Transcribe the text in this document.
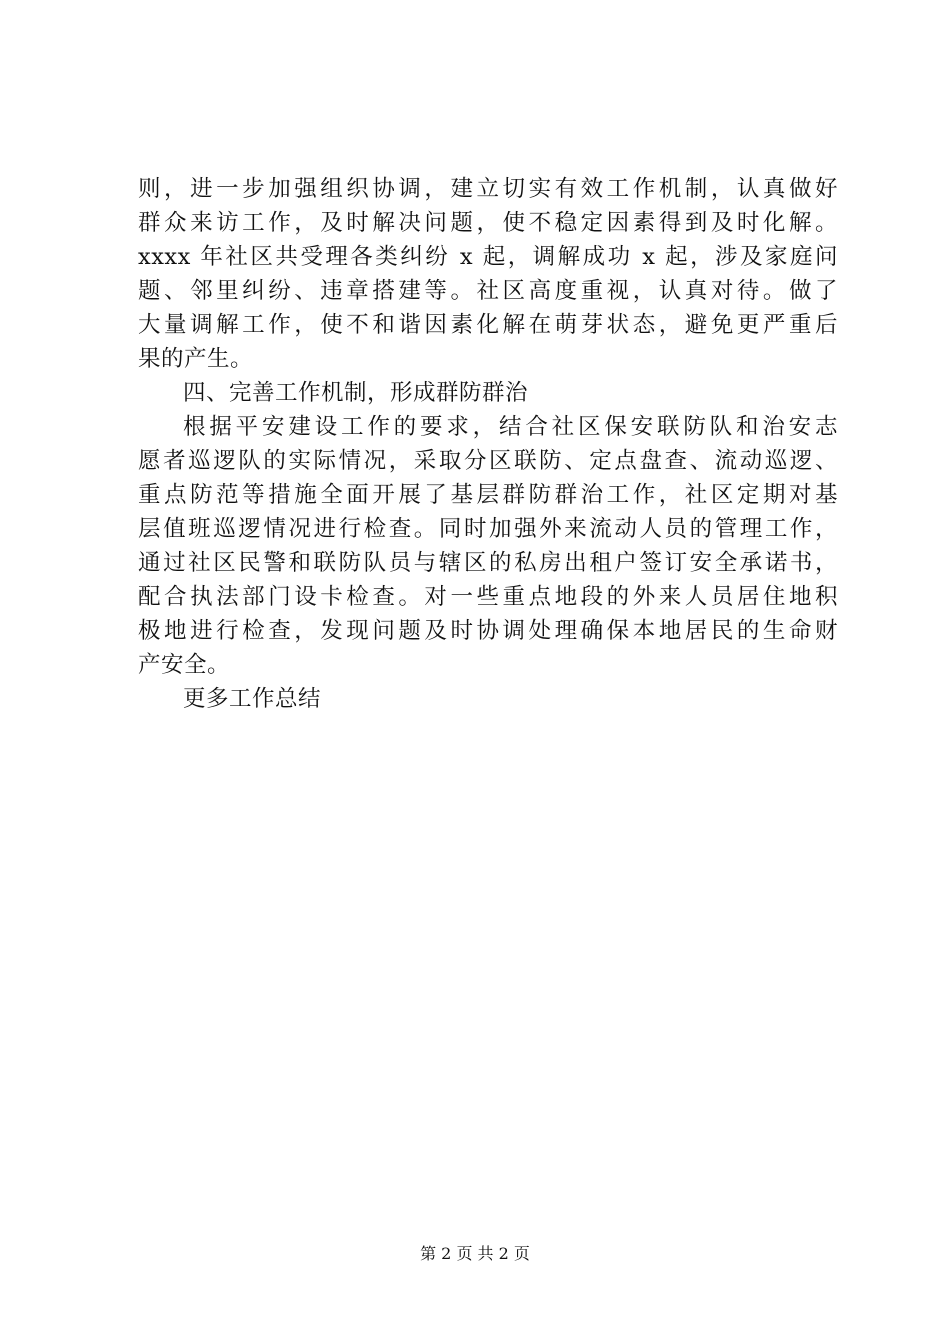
则，进一步加强组织协调，建立切实有效工作机制，认真做好
群众来访工作，及时解决问题，使不稳定因素得到及时化解。
xxxx 年社区共受理各类纠纷 x 起，调解成功 x 起，涉及家庭问
题、邻里纠纷、违章搭建等。社区高度重视，认真对待。做了
大量调解工作，使不和谐因素化解在萌芽状态，避免更严重后
果的产生。
四、完善工作机制，形成群防群治
根据平安建设工作的要求，结合社区保安联防队和治安志
愿者巡逻队的实际情况，采取分区联防、定点盘查、流动巡逻、
重点防范等措施全面开展了基层群防群治工作，社区定期对基
层值班巡逻情况进行检查。同时加强外来流动人员的管理工作，
通过社区民警和联防队员与辖区的私房出租户签订安全承诺书，
配合执法部门设卡检查。对一些重点地段的外来人员居住地积
极地进行检查，发现问题及时协调处理确保本地居民的生命财
产安全。
更多工作总结
第 2 页 共 2 页
